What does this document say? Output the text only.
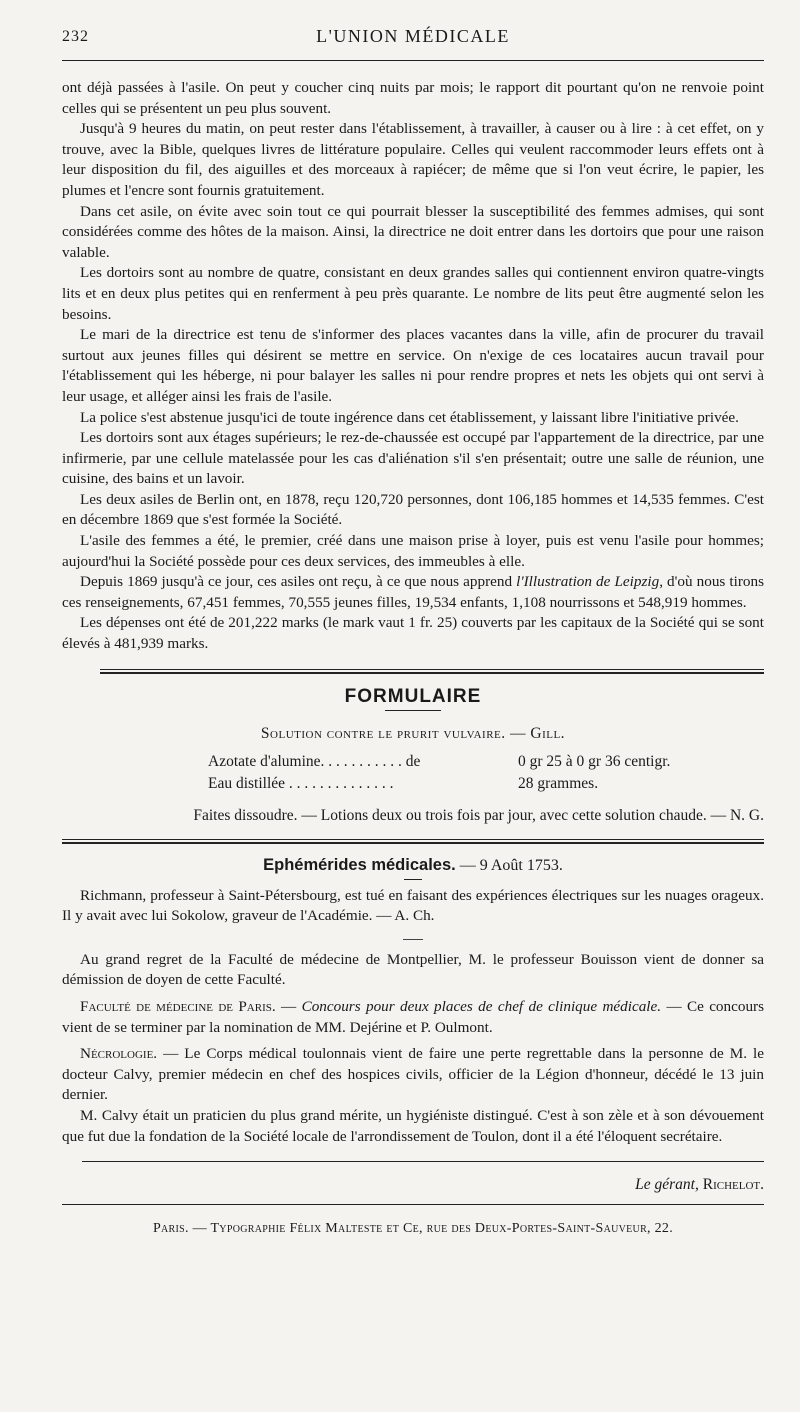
232	L'UNION MÉDICALE

ont déjà passées à l'asile. On peut y coucher cinq nuits par mois; le rapport dit pourtant qu'on ne renvoie point celles qui se présentent un peu plus souvent.

Jusqu'à 9 heures du matin, on peut rester dans l'établissement, à travailler, à causer ou à lire : à cet effet, on y trouve, avec la Bible, quelques livres de littérature populaire. Celles qui veulent raccommoder leurs effets ont à leur disposition du fil, des aiguilles et des morceaux à rapiécer; de même que si l'on veut écrire, le papier, les plumes et l'encre sont fournis gratuitement.

Dans cet asile, on évite avec soin tout ce qui pourrait blesser la susceptibilité des femmes admises, qui sont considérées comme des hôtes de la maison. Ainsi, la directrice ne doit entrer dans les dortoirs que pour une raison valable.

Les dortoirs sont au nombre de quatre, consistant en deux grandes salles qui contiennent environ quatre-vingts lits et en deux plus petites qui en renferment à peu près quarante. Le nombre de lits peut être augmenté selon les besoins.

Le mari de la directrice est tenu de s'informer des places vacantes dans la ville, afin de procurer du travail surtout aux jeunes filles qui désirent se mettre en service. On n'exige de ces locataires aucun travail pour l'établissement qui les héberge, ni pour balayer les salles ni pour rendre propres et nets les objets qui ont servi à leur usage, et alléger ainsi les frais de l'asile.

La police s'est abstenue jusqu'ici de toute ingérence dans cet établissement, y laissant libre l'initiative privée.

Les dortoirs sont aux étages supérieurs; le rez-de-chaussée est occupé par l'appartement de la directrice, par une infirmerie, par une cellule matelassée pour les cas d'aliénation s'il s'en présentait; outre une salle de réunion, une cuisine, des bains et un lavoir.

Les deux asiles de Berlin ont, en 1878, reçu 120,720 personnes, dont 106,185 hommes et 14,535 femmes. C'est en décembre 1869 que s'est formée la Société.

L'asile des femmes a été, le premier, créé dans une maison prise à loyer, puis est venu l'asile pour hommes; aujourd'hui la Société possède pour ces deux services, des immeubles à elle.

Depuis 1869 jusqu'à ce jour, ces asiles ont reçu, à ce que nous apprend l'Illustration de Leipzig, d'où nous tirons ces renseignements, 67,451 femmes, 70,555 jeunes filles, 19,534 enfants, 1,108 nourrissons et 548,919 hommes.

Les dépenses ont été de 201,222 marks (le mark vaut 1 fr. 25) couverts par les capitaux de la Société qui se sont élevés à 481,939 marks.

FORMULAIRE
Solution contre le prurit vulvaire. — Gill.
Azotate d'alumine. . . . . . . . . . . de	0 gr 25 à 0 gr 36 centigr.
Eau distillée . . . . . . . . . . . . . .	28 grammes.
Faites dissoudre. — Lotions deux ou trois fois par jour, avec cette solution chaude. — N. G.
Ephémérides médicales. — 9 Août 1753.

Richmann, professeur à Saint-Pétersbourg, est tué en faisant des expériences électriques sur les nuages orageux. Il y avait avec lui Sokolow, graveur de l'Académie. — A. Ch.

Au grand regret de la Faculté de médecine de Montpellier, M. le professeur Bouisson vient de donner sa démission de doyen de cette Faculté.

Faculté de médecine de Paris. — Concours pour deux places de chef de clinique médicale. — Ce concours vient de se terminer par la nomination de MM. Dejérine et P. Oulmont.

Nécrologie. — Le Corps médical toulonnais vient de faire une perte regrettable dans la personne de M. le docteur Calvy, premier médecin en chef des hospices civils, officier de la Légion d'honneur, décédé le 13 juin dernier.

M. Calvy était un praticien du plus grand mérite, un hygiéniste distingué. C'est à son zèle et à son dévouement que fut due la fondation de la Société locale de l'arrondissement de Toulon, dont il a été l'éloquent secrétaire.

Le gérant, Richelot.
Paris. — Typographie Félix Malteste et Ce, rue des Deux-Portes-Saint-Sauveur, 22.
